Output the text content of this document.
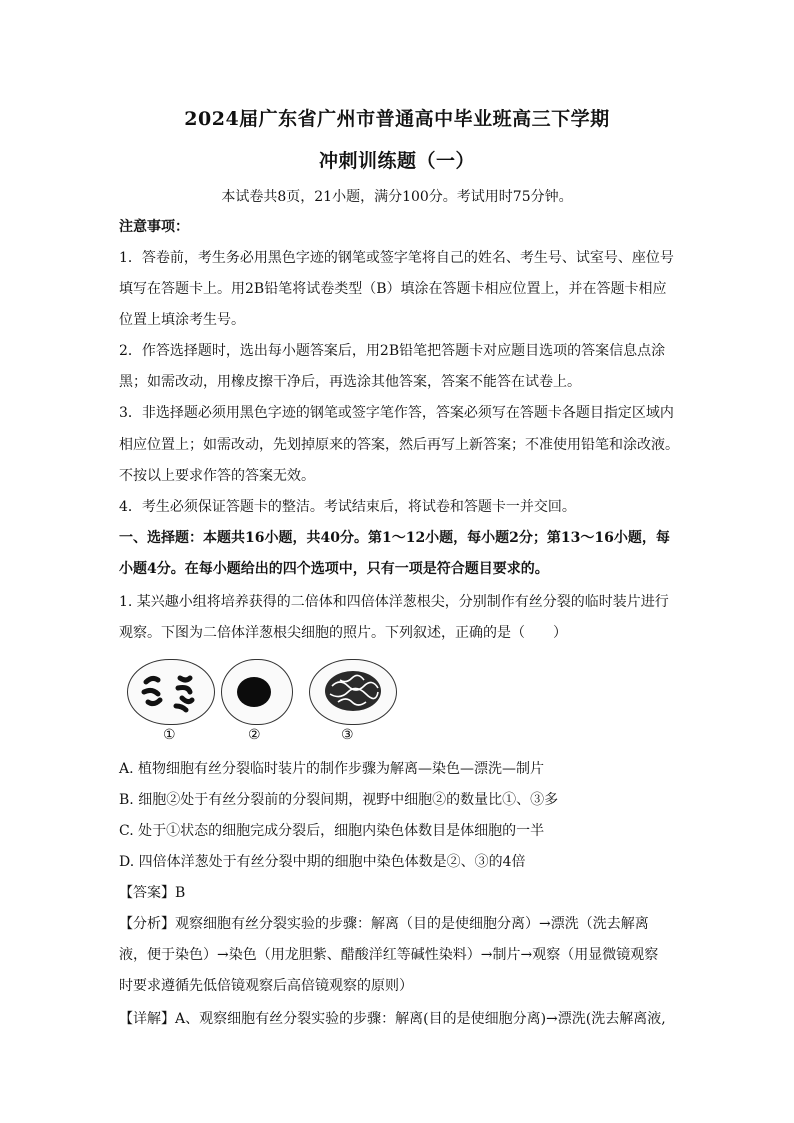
2024届广东省广州市普通高中毕业班高三下学期
冲刺训练题（一）
本试卷共8页，21小题，满分100分。考试用时75分钟。
注意事项：
1．答卷前，考生务必用黑色字迹的钢笔或签字笔将自己的姓名、考生号、试室号、座位号
填写在答题卡上。用2B铅笔将试卷类型（B）填涂在答题卡相应位置上，并在答题卡相应
位置上填涂考生号。
2．作答选择题时，选出每小题答案后，用2B铅笔把答题卡对应题目选项的答案信息点涂
黑；如需改动，用橡皮擦干净后，再选涂其他答案，答案不能答在试卷上。
3．非选择题必须用黑色字迹的钢笔或签字笔作答，答案必须写在答题卡各题目指定区域内
相应位置上；如需改动，先划掉原来的答案，然后再写上新答案；不准使用铅笔和涂改液。
不按以上要求作答的答案无效。
4．考生必须保证答题卡的整洁。考试结束后，将试卷和答题卡一并交回。
一、选择题：本题共16小题，共40分。第1～12小题，每小题2分；第13～16小题，每
小题4分。在每小题给出的四个选项中，只有一项是符合题目要求的。
1. 某兴趣小组将培养获得的二倍体和四倍体洋葱根尖，分别制作有丝分裂的临时装片进行
观察。下图为二倍体洋葱根尖细胞的照片。下列叙述，正确的是（　　）
①	②	③
A. 植物细胞有丝分裂临时装片的制作步骤为解离—染色—漂洗—制片
B. 细胞②处于有丝分裂前的分裂间期，视野中细胞②的数量比①、③多
C. 处于①状态的细胞完成分裂后，细胞内染色体数目是体细胞的一半
D. 四倍体洋葱处于有丝分裂中期的细胞中染色体数是②、③的4倍
【答案】B
【分析】观察细胞有丝分裂实验的步骤：解离（目的是使细胞分离）→漂洗（洗去解离
液，便于染色）→染色（用龙胆紫、醋酸洋红等碱性染料）→制片→观察（用显微镜观察
时要求遵循先低倍镜观察后高倍镜观察的原则）
【详解】A、观察细胞有丝分裂实验的步骤：解离(目的是使细胞分离)→漂洗(洗去解离液,
